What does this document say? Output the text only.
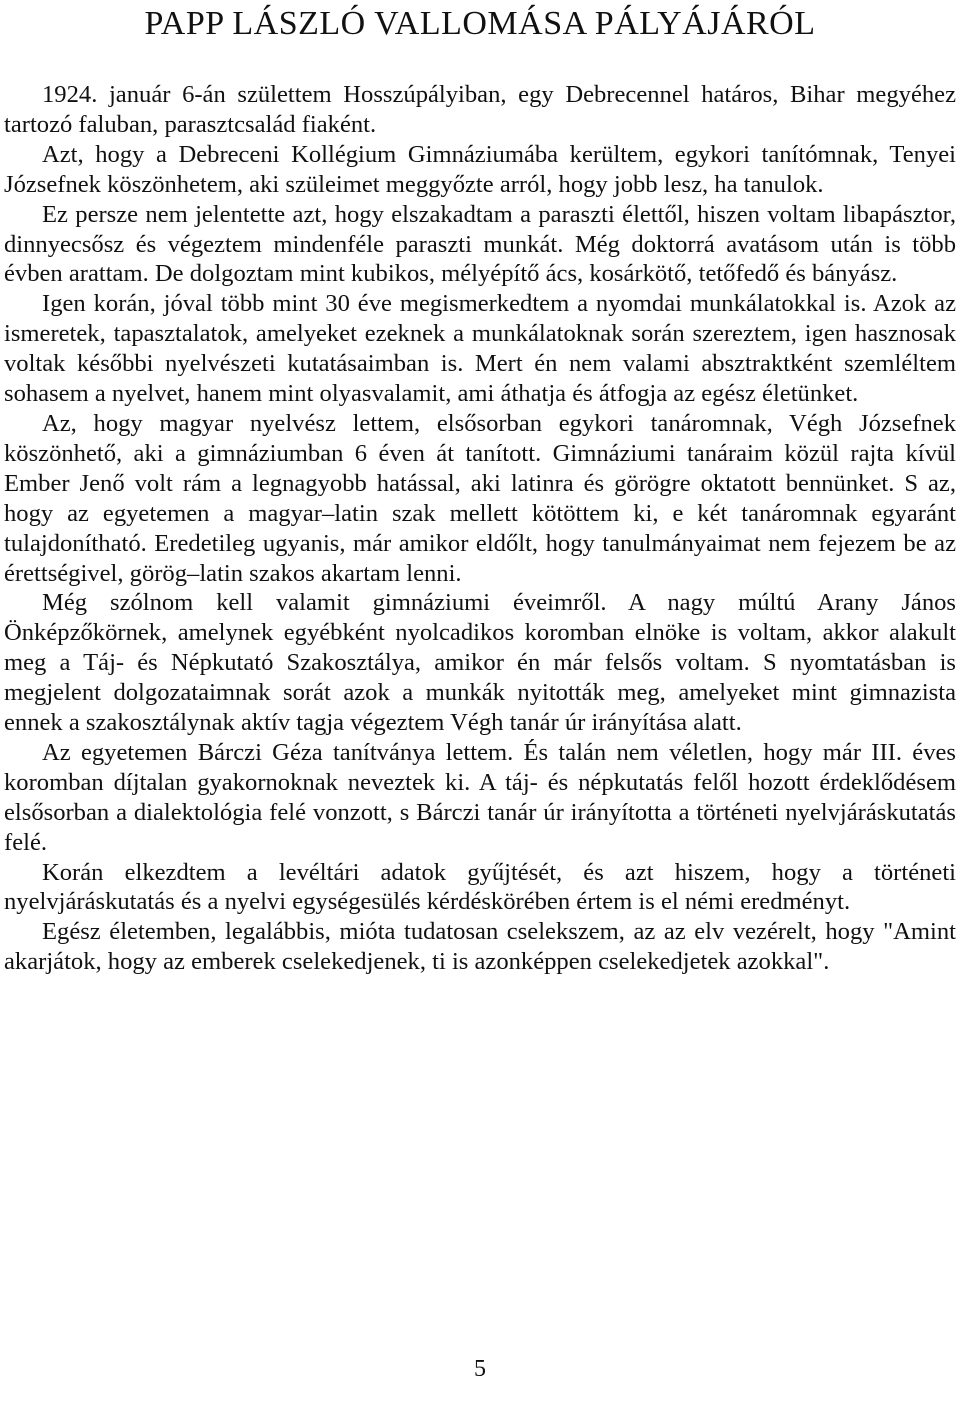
PAPP LÁSZLÓ VALLOMÁSA PÁLYÁJÁRÓL

1924. január 6-án születtem Hosszúpályiban, egy Debrecennel határos, Bihar megyéhez tartozó faluban, parasztcsalád fiaként.

Azt, hogy a Debreceni Kollégium Gimnáziumába kerültem, egykori tanítómnak, Tenyei Józsefnek köszönhetem, aki szüleimet meggyőzte arról, hogy jobb lesz, ha tanulok.

Ez persze nem jelentette azt, hogy elszakadtam a paraszti élettől, hiszen voltam libapásztor, dinnyecsősz és végeztem mindenféle paraszti munkát. Még doktorrá avatásom után is több évben arattam. De dolgoztam mint kubikos, mélyépítő ács, kosárkötő, tetőfedő és bányász.

Igen korán, jóval több mint 30 éve megismerkedtem a nyomdai munkálatokkal is. Azok az ismeretek, tapasztalatok, amelyeket ezeknek a munkálatoknak során szereztem, igen hasznosak voltak későbbi nyelvészeti kutatásaimban is. Mert én nem valami absztraktként szemléltem sohasem a nyelvet, hanem mint olyasvalamit, ami áthatja és átfogja az egész életünket.

Az, hogy magyar nyelvész lettem, elsősorban egykori tanáromnak, Végh Józsefnek köszönhető, aki a gimnáziumban 6 éven át tanított. Gimnáziumi tanáraim közül rajta kívül Ember Jenő volt rám a legnagyobb hatással, aki latinra és görögre oktatott bennünket. S az, hogy az egyetemen a magyar–latin szak mellett kötöttem ki, e két tanáromnak egyaránt tulajdonítható. Eredetileg ugyanis, már amikor eldőlt, hogy tanulmányaimat nem fejezem be az érettségivel, görög–latin szakos akartam lenni.

Még szólnom kell valamit gimnáziumi éveimről. A nagy múltú Arany János Önképzőkörnek, amelynek egyébként nyolcadikos koromban elnöke is voltam, akkor alakult meg a Táj- és Népkutató Szakosztálya, amikor én már felsős voltam. S nyomtatásban is megjelent dolgozataimnak sorát azok a munkák nyitották meg, amelyeket mint gimnazista ennek a szakosztálynak aktív tagja végeztem Végh tanár úr irányítása alatt.

Az egyetemen Bárczi Géza tanítványa lettem. És talán nem véletlen, hogy már III. éves koromban díjtalan gyakornoknak neveztek ki. A táj- és népkutatás felől hozott érdeklődésem elsősorban a dialektológia felé vonzott, s Bárczi tanár úr irányította a történeti nyelvjáráskutatás felé.

Korán elkezdtem a levéltári adatok gyűjtését, és azt hiszem, hogy a történeti nyelvjáráskutatás és a nyelvi egységesülés kérdéskörében értem is el némi eredményt.

Egész életemben, legalábbis, mióta tudatosan cselekszem, az az elv vezérelt, hogy "Amint akarjátok, hogy az emberek cselekedjenek, ti is azonképpen cselekedjetek azokkal".

5
